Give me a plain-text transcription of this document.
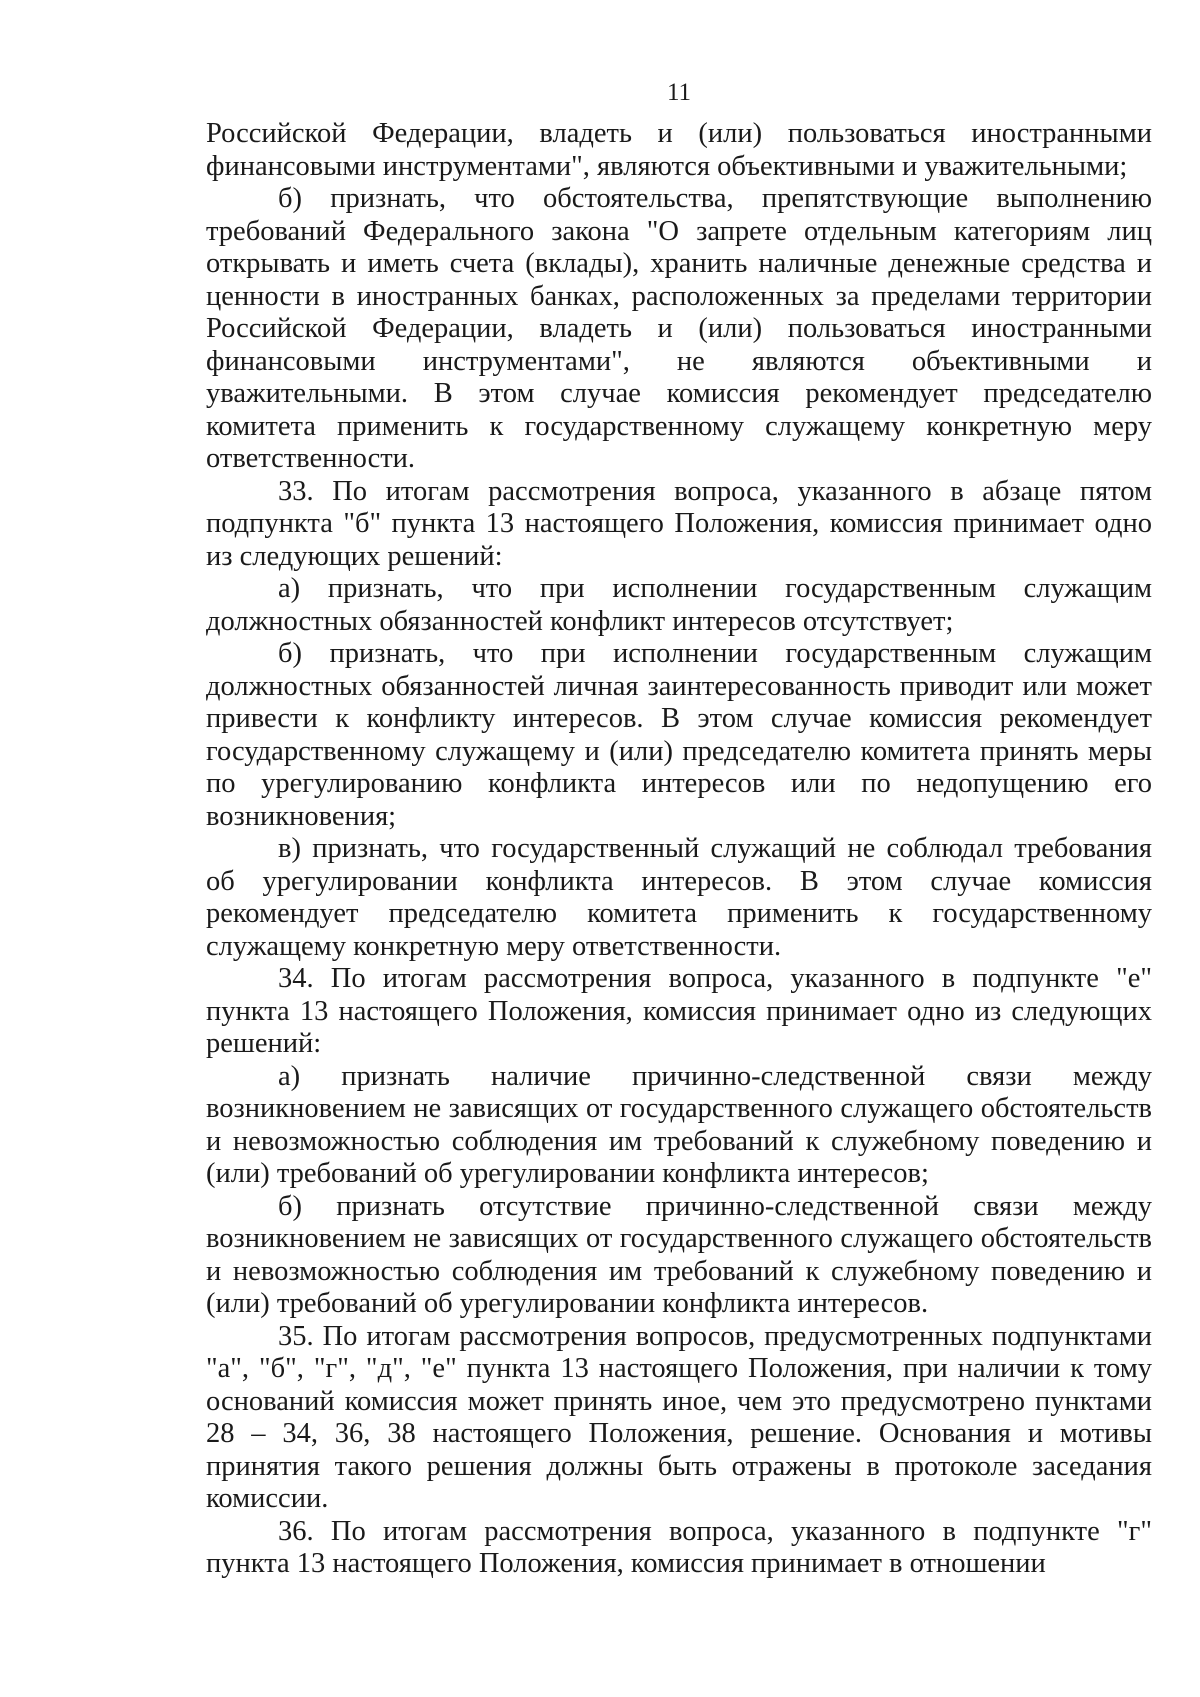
11

Российской Федерации, владеть и (или) пользоваться иностранными финансовыми инструментами", являются объективными и уважительными;

б) признать, что обстоятельства, препятствующие выполнению требований Федерального закона "О запрете отдельным категориям лиц открывать и иметь счета (вклады), хранить наличные денежные средства и ценности в иностранных банках, расположенных за пределами территории Российской Федерации, владеть и (или) пользоваться иностранными финансовыми инструментами", не являются объективными и уважительными. В этом случае комиссия рекомендует председателю комитета применить к государственному служащему конкретную меру ответственности.

33. По итогам рассмотрения вопроса, указанного в абзаце пятом подпункта "б" пункта 13 настоящего Положения, комиссия принимает одно из следующих решений:

а) признать, что при исполнении государственным служащим должностных обязанностей конфликт интересов отсутствует;

б) признать, что при исполнении государственным служащим должностных обязанностей личная заинтересованность приводит или может привести к конфликту интересов. В этом случае комиссия рекомендует государственному служащему и (или) председателю комитета принять меры по урегулированию конфликта интересов или по недопущению его возникновения;

в) признать, что государственный служащий не соблюдал требования об урегулировании конфликта интересов. В этом случае комиссия рекомендует председателю комитета применить к государственному служащему конкретную меру ответственности.

34. По итогам рассмотрения вопроса, указанного в подпункте "е" пункта 13 настоящего Положения, комиссия принимает одно из следующих решений:

а) признать наличие причинно-следственной связи между возникновением не зависящих от государственного служащего обстоятельств и невозможностью соблюдения им требований к служебному поведению и (или) требований об урегулировании конфликта интересов;

б) признать отсутствие причинно-следственной связи между возникновением не зависящих от государственного служащего обстоятельств и невозможностью соблюдения им требований к служебному поведению и (или) требований об урегулировании конфликта интересов.

35. По итогам рассмотрения вопросов, предусмотренных подпунктами "а", "б", "г", "д", "е" пункта 13 настоящего Положения, при наличии к тому оснований комиссия может принять иное, чем это предусмотрено пунктами 28 – 34, 36, 38 настоящего Положения, решение. Основания и мотивы принятия такого решения должны быть отражены в протоколе заседания комиссии.

36. По итогам рассмотрения вопроса, указанного в подпункте "г" пункта 13 настоящего Положения, комиссия принимает в отношении
